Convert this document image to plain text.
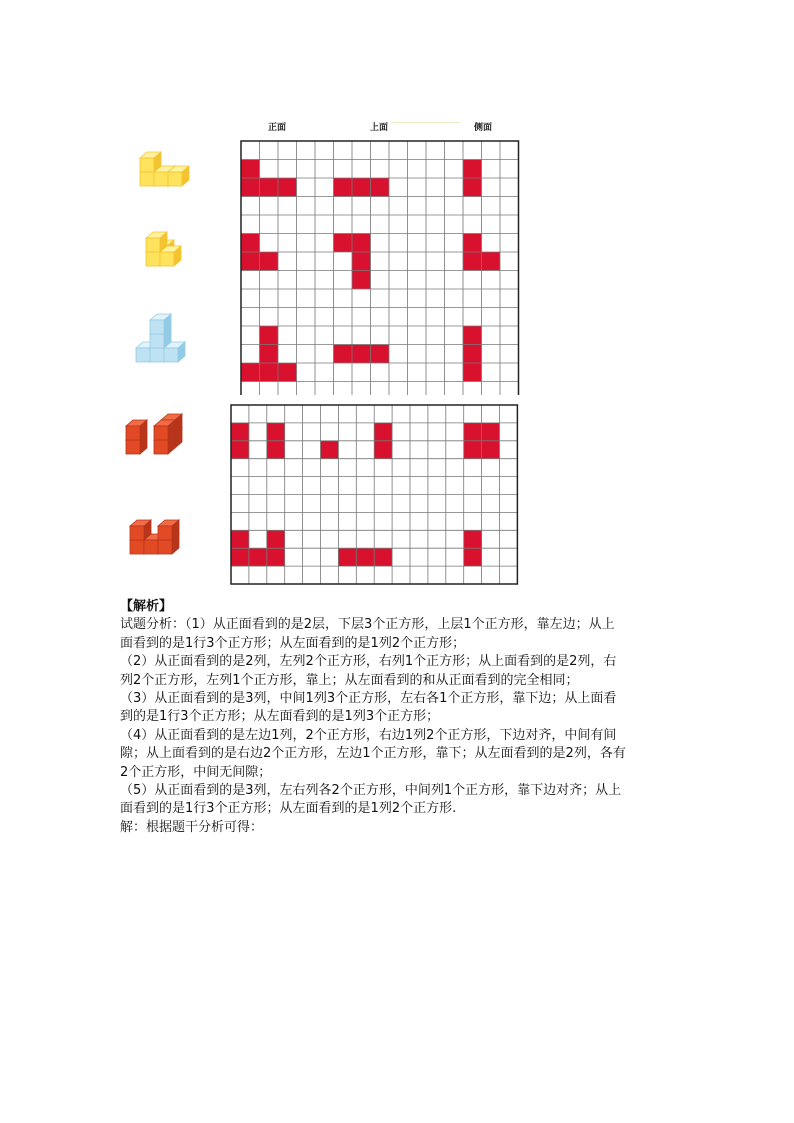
正面	上面	侧面

【解析】

试题分析：（1）从正面看到的是2层，下层3个正方形，上层1个正方形，靠左边；从上

面看到的是1行3个正方形；从左面看到的是1列2个正方形；

（2）从正面看到的是2列，左列2个正方形，右列1个正方形；从上面看到的是2列，右

列2个正方形，左列1个正方形，靠上；从左面看到的和从正面看到的完全相同；

（3）从正面看到的是3列，中间1列3个正方形，左右各1个正方形，靠下边；从上面看

到的是1行3个正方形；从左面看到的是1列3个正方形；

（4）从正面看到的是左边1列，2个正方形，右边1列2个正方形，下边对齐，中间有间

隙；从上面看到的是右边2个正方形，左边1个正方形，靠下；从左面看到的是2列，各有

2个正方形，中间无间隙；

（5）从正面看到的是3列，左右列各2个正方形，中间列1个正方形，靠下边对齐；从上

面看到的是1行3个正方形；从左面看到的是1列2个正方形.

解：根据题干分析可得：
